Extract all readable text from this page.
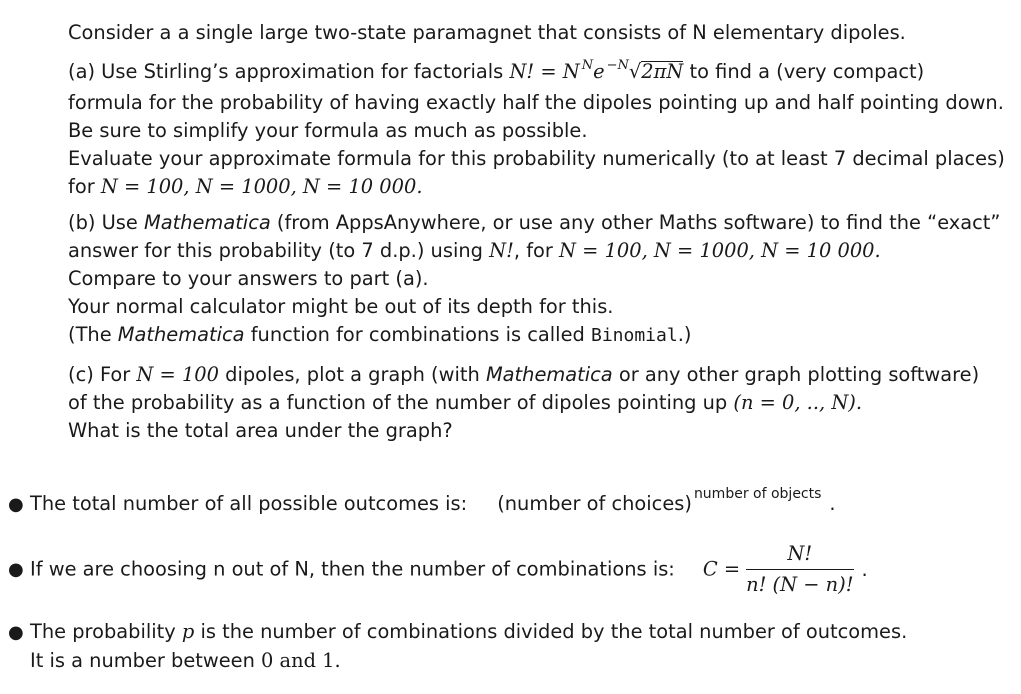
Consider a a single large two-state paramagnet that consists of N elementary dipoles.
(a) Use Stirling’s approximation for factorials N! = N $^N$e $^{-N}$√2πN to find a (very compact)
formula for the probability of having exactly half the dipoles pointing up and half pointing down.
Be sure to simplify your formula as much as possible.
Evaluate your approximate formula for this probability numerically (to at least 7 decimal places)
for N = 100, N = 1000, N = 10 000.
(b) Use Mathematica (from AppsAnywhere, or use any other Maths software) to find the “exact”
answer for this probability (to 7 d.p.) using N!, for N = 100, N = 1000, N = 10 000.
Compare to your answers to part (a).
Your normal calculator might be out of its depth for this.
(The Mathematica function for combinations is called Binomial.)
(c) For N = 100 dipoles, plot a graph (with Mathematica or any other graph plotting software)
of the probability as a function of the number of dipoles pointing up (n = 0, .., N).
What is the total area under the graph?
● The total number of all possible outcomes is: (number of choices) $^{number of objects}$ .
● If we are choosing n out of N, then the number of combinations is: $C = \frac{N!}{n! (N - n)!}$ .
● The probability p is the number of combinations divided by the total number of outcomes.
It is a number between 0 and 1.
